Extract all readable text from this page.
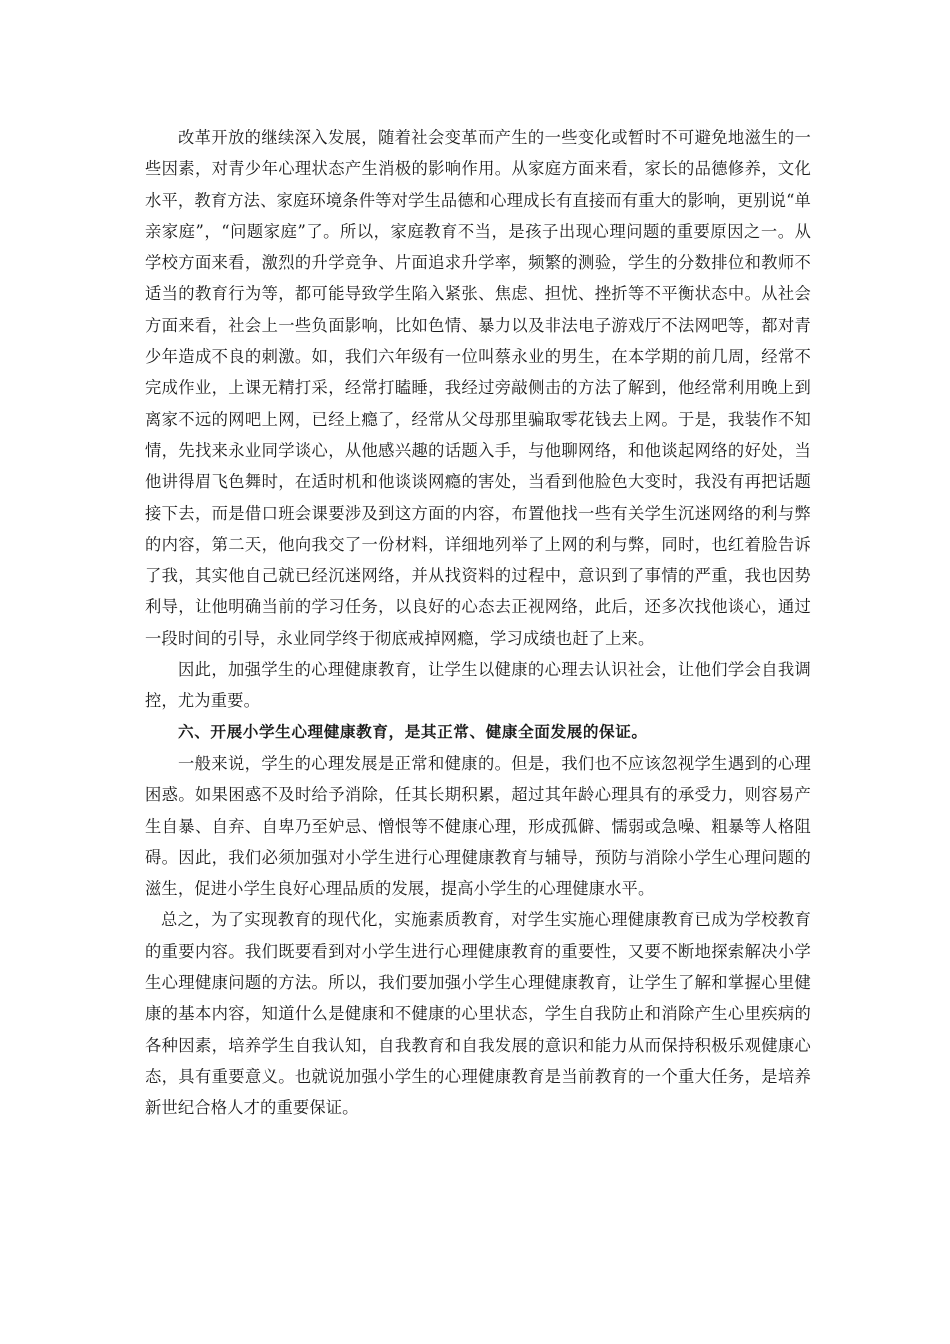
改革开放的继续深入发展，随着社会变革而产生的一些变化或暂时不可避免地滋生的一些因素，对青少年心理状态产生消极的影响作用。从家庭方面来看，家长的品德修养，文化水平，教育方法、家庭环境条件等对学生品德和心理成长有直接而有重大的影响，更别说“单亲家庭”，“问题家庭”了。所以，家庭教育不当，是孩子出现心理问题的重要原因之一。从学校方面来看，激烈的升学竞争、片面追求升学率，频繁的测验，学生的分数排位和教师不适当的教育行为等，都可能导致学生陷入紧张、焦虑、担忧、挫折等不平衡状态中。从社会方面来看，社会上一些负面影响，比如色情、暴力以及非法电子游戏厅不法网吧等，都对青少年造成不良的刺激。如，我们六年级有一位叫蔡永业的男生，在本学期的前几周，经常不完成作业，上课无精打采，经常打瞌睡，我经过旁敲侧击的方法了解到，他经常利用晚上到离家不远的网吧上网，已经上瘾了，经常从父母那里骗取零花钱去上网。于是，我装作不知情，先找来永业同学谈心，从他感兴趣的话题入手，与他聊网络，和他谈起网络的好处，当他讲得眉飞色舞时，在适时机和他谈谈网瘾的害处，当看到他脸色大变时，我没有再把话题接下去，而是借口班会课要涉及到这方面的内容，布置他找一些有关学生沉迷网络的利与弊的内容，第二天，他向我交了一份材料，详细地列举了上网的利与弊，同时，也红着脸告诉了我，其实他自己就已经沉迷网络，并从找资料的过程中，意识到了事情的严重，我也因势利导，让他明确当前的学习任务，以良好的心态去正视网络，此后，还多次找他谈心，通过一段时间的引导，永业同学终于彻底戒掉网瘾，学习成绩也赶了上来。

因此，加强学生的心理健康教育，让学生以健康的心理去认识社会，让他们学会自我调控，尤为重要。

六、开展小学生心理健康教育，是其正常、健康全面发展的保证。

一般来说，学生的心理发展是正常和健康的。但是，我们也不应该忽视学生遇到的心理困惑。如果困惑不及时给予消除，任其长期积累，超过其年龄心理具有的承受力，则容易产生自暴、自弃、自卑乃至妒忌、憎恨等不健康心理，形成孤僻、懦弱或急噪、粗暴等人格阻碍。因此，我们必须加强对小学生进行心理健康教育与辅导，预防与消除小学生心理问题的滋生，促进小学生良好心理品质的发展，提高小学生的心理健康水平。

总之，为了实现教育的现代化，实施素质教育，对学生实施心理健康教育已成为学校教育的重要内容。我们既要看到对小学生进行心理健康教育的重要性，又要不断地探索解决小学生心理健康问题的方法。所以，我们要加强小学生心理健康教育，让学生了解和掌握心里健康的基本内容，知道什么是健康和不健康的心里状态，学生自我防止和消除产生心里疾病的各种因素，培养学生自我认知，自我教育和自我发展的意识和能力从而保持积极乐观健康心态，具有重要意义。也就说加强小学生的心理健康教育是当前教育的一个重大任务，是培养新世纪合格人才的重要保证。
